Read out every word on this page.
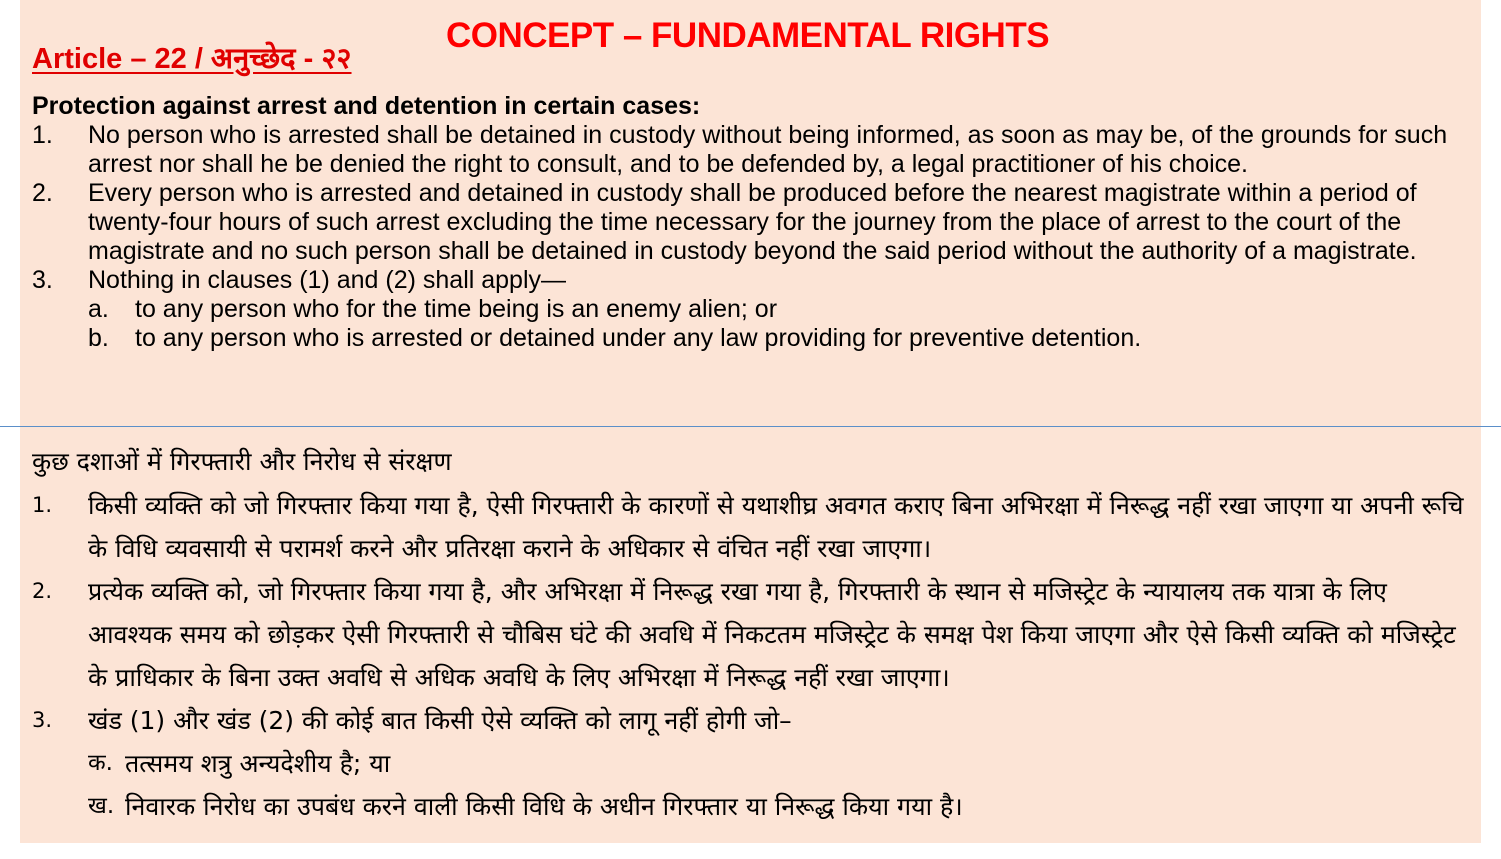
Article – 22 / अनुच्छेद - २२
CONCEPT – FUNDAMENTAL RIGHTS
Protection against arrest and detention in certain cases:
1. No person who is arrested shall be detained in custody without being informed, as soon as may be, of the grounds for such arrest nor shall he be denied the right to consult, and to be defended by, a legal practitioner of his choice.
2. Every person who is arrested and detained in custody shall be produced before the nearest magistrate within a period of twenty-four hours of such arrest excluding the time necessary for the journey from the place of arrest to the court of the magistrate and no such person shall be detained in custody beyond the said period without the authority of a magistrate.
3. Nothing in clauses (1) and (2) shall apply—
a. to any person who for the time being is an enemy alien; or
b. to any person who is arrested or detained under any law providing for preventive detention.
कुछ दशाओं में गिरफ्तारी और निरोध से संरक्षण
1. किसी व्यक्ति को जो गिरफ्तार किया गया है, ऐसी गिरफ्तारी के कारणों से यथाशीघ्र अवगत कराए बिना अभिरक्षा में निरूद्ध नहीं रखा जाएगा या अपनी रूचि के विधि व्यवसायी से परामर्श करने और प्रतिरक्षा कराने के अधिकार से वंचित नहीं रखा जाएगा।
2. प्रत्येक व्यक्ति को, जो गिरफ्तार किया गया है, और अभिरक्षा में निरूद्ध रखा गया है, गिरफ्तारी के स्थान से मजिस्ट्रेट के न्यायालय तक यात्रा के लिए आवश्यक समय को छोड़कर ऐसी गिरफ्तारी से चौबिस घंटे की अवधि में निकटतम मजिस्ट्रेट के समक्ष पेश किया जाएगा और ऐसे किसी व्यक्ति को मजिस्ट्रेट के प्राधिकार के बिना उक्त अवधि से अधिक अवधि के लिए अभिरक्षा में निरूद्ध नहीं रखा जाएगा।
3. खंड (1) और खंड (2) की कोई बात किसी ऐसे व्यक्ति को लागू नहीं होगी जो–
क. तत्समय शत्रु अन्यदेशीय है; या
ख. निवारक निरोध का उपबंध करने वाली किसी विधि के अधीन गिरफ्तार या निरूद्ध किया गया है।
